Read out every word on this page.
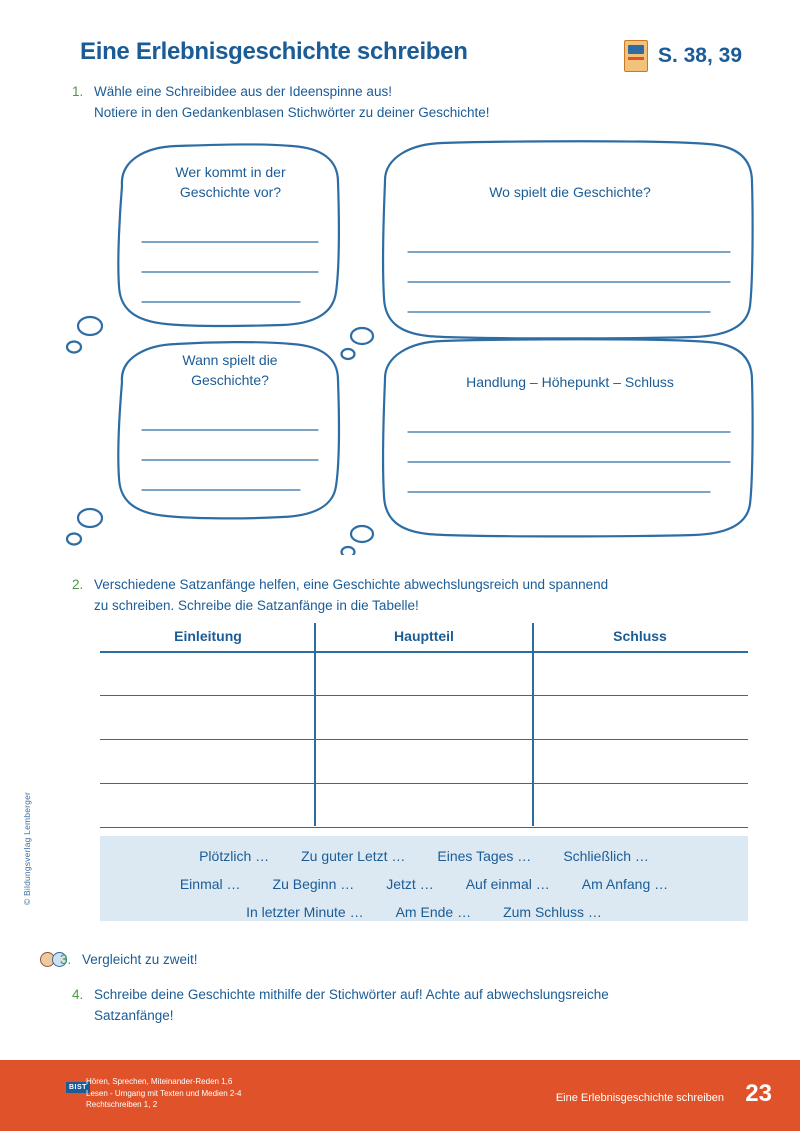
© Bildungsverlag Lemberger
Eine Erlebnisgeschichte schreiben	S. 38, 39
1. Wähle eine Schreibidee aus der Ideenspinne aus!
Notiere in den Gedankenblasen Stichwörter zu deiner Geschichte!
Wer kommt in der
Geschichte vor?	Wo spielt die Geschichte?
Wann spielt die
Geschichte?	Handlung – Höhepunkt – Schluss
2. Verschiedene Satzanfänge helfen, eine Geschichte abwechslungsreich und spannend
zu schreiben. Schreibe die Satzanfänge in die Tabelle!
Einleitung	Hauptteil	Schluss
Plötzlich …	Zu guter Letzt …	Eines Tages …	Schließlich …
Einmal …	Zu Beginn …	Jetzt …	Auf einmal …	Am Anfang …
In letzter Minute …	Am Ende …	Zum Schluss …
3. Vergleicht zu zweit!
4. Schreibe deine Geschichte mithilfe der Stichwörter auf! Achte auf abwechslungsreiche
Satzanfänge!
BIST
Hören, Sprechen, Miteinander-Reden 1,6
Lesen - Umgang mit Texten und Medien 2-4
Rechtschreiben 1, 2
Eine Erlebnisgeschichte schreiben 23
